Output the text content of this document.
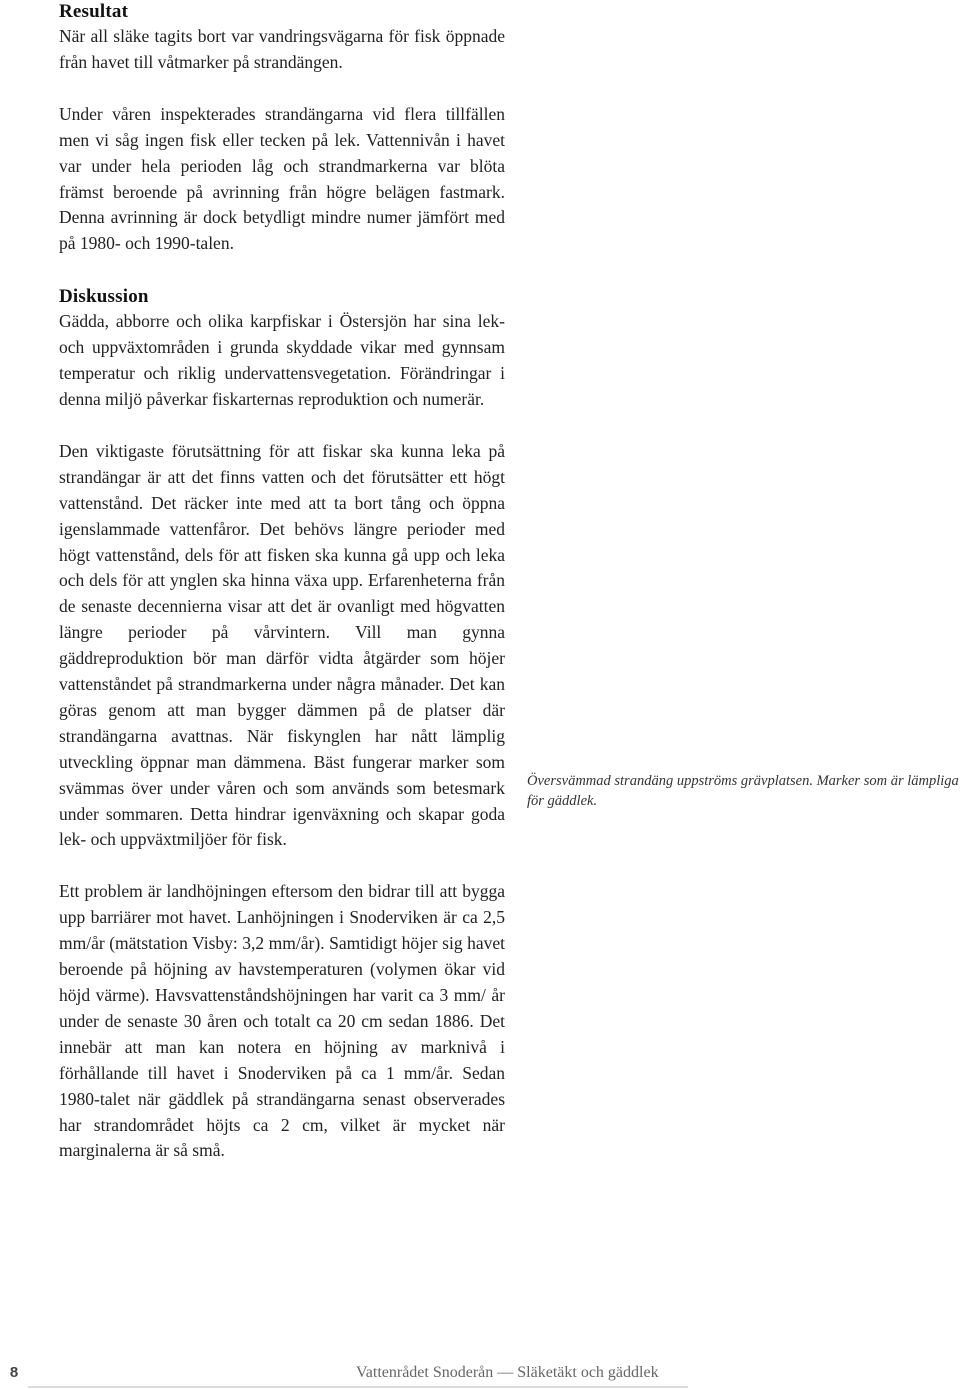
Resultat

När all släke tagits bort var vandringsvägarna för fisk öppnade från havet till våtmarker på strandängen.

Under våren inspekterades strandängarna vid flera tillfällen men vi såg ingen fisk eller tecken på lek. Vattennivån i havet var under hela perioden låg och strandmarkerna var blöta främst beroende på avrinning från högre belägen fastmark. Denna avrinning är dock betydligt mindre numer jämfört med på 1980- och 1990-talen.

Diskussion

Gädda, abborre och olika karpfiskar i Östersjön har sina lek- och uppväxtområden i grunda skyddade vikar med gynnsam temperatur och riklig undervattensvegetation. Förändringar i denna miljö påverkar fiskarternas reproduktion och numerär.

Den viktigaste förutsättning för att fiskar ska kunna leka på strandängar är att det finns vatten och det förutsätter ett högt vattenstånd. Det räcker inte med att ta bort tång och öppna igenslammade vattenfåror. Det behövs längre perioder med högt vattenstånd, dels för att fisken ska kunna gå upp och leka och dels för att ynglen ska hinna växa upp. Erfarenheterna från de senaste decennierna visar att det är ovanligt med högvatten längre perioder på vårvintern. Vill man gynna gäddreproduktion bör man därför vidta åtgärder som höjer vattenståndet på strandmarkerna under några månader. Det kan göras genom att man bygger dämmen på de platser där strandängarna avattnas. När fiskynglen har nått lämplig utveckling öppnar man dämmena. Bäst fungerar marker som svämmas över under våren och som används som betesmark under sommaren. Detta hindrar igenväxning och skapar goda lek- och uppväxtmiljöer för fisk.

Ett problem är landhöjningen eftersom den bidrar till att bygga upp barriärer mot havet. Lanhöjningen i Snoderviken är ca 2,5 mm/år (mätstation Visby: 3,2 mm/år). Samtidigt höjer sig havet beroende på höjning av havstemperaturen (volymen ökar vid höjd värme). Havsvattenståndshöjningen har varit ca 3 mm/ år under de senaste 30 åren och totalt ca 20 cm sedan 1886. Det innebär att man kan notera en höjning av marknivå i förhållande till havet i Snoderviken på ca 1 mm/år. Sedan 1980-talet när gäddlek på strandängarna senast observerades har strandområdet höjts ca 2 cm, vilket är mycket när marginalerna är så små.

Översvämmad strandäng uppströms grävplatsen. Marker som är lämpliga för gäddlek.
8	Vattenrådet Snoderån — Släketäkt och gäddlek
